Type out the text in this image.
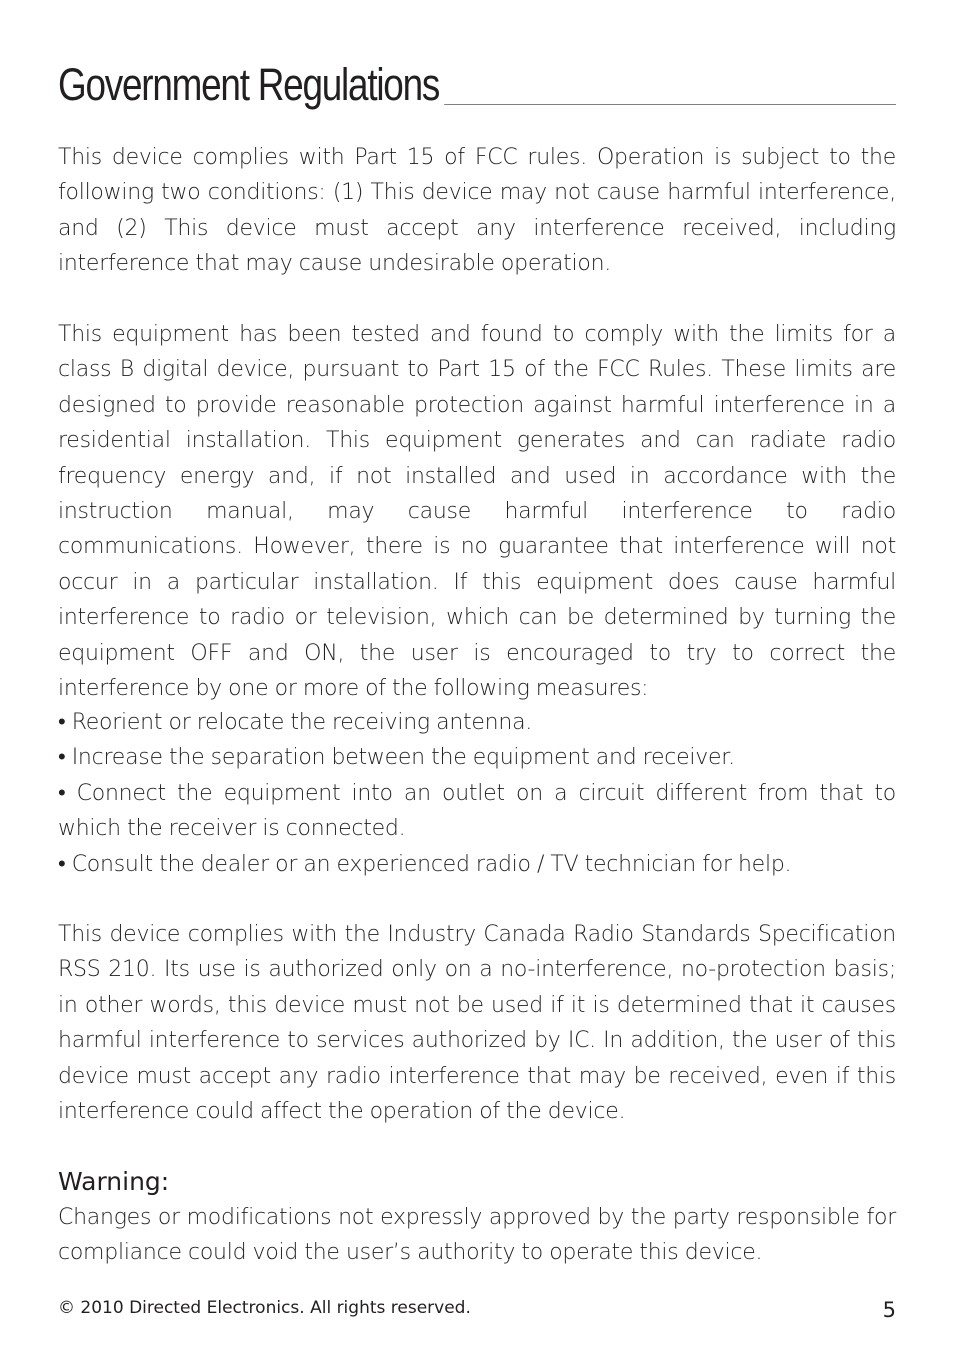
Government Regulations

This device complies with Part 15 of FCC rules. Operation is subject to the following two conditions: (1) This device may not cause harmful interference, and (2) This device must accept any interference received, including interference that may cause undesirable operation.

This equipment has been tested and found to comply with the limits for a class B digital device, pursuant to Part 15 of the FCC Rules. These limits are designed to provide reasonable protection against harmful interference in a residential installation. This equipment generates and can radiate radio frequency energy and, if not installed and used in accordance with the instruction manual, may cause harmful interference to radio communications. However, there is no guarantee that interference will not occur in a particular installation. If this equipment does cause harmful interference to radio or television, which can be determined by turning the equipment OFF and ON, the user is encouraged to try to correct the interference by one or more of the following measures:

• Reorient or relocate the receiving antenna.
• Increase the separation between the equipment and receiver.
• Connect the equipment into an outlet on a circuit different from that to which the receiver is connected.
• Consult the dealer or an experienced radio / TV technician for help.

This device complies with the Industry Canada Radio Standards Specification RSS 210. Its use is authorized only on a no-interference, no-protection basis; in other words, this device must not be used if it is determined that it causes harmful interference to services authorized by IC. In addition, the user of this device must accept any radio interference that may be received, even if this interference could affect the operation of the device.

Warning:

Changes or modifications not expressly approved by the party responsible for compliance could void the user’s authority to operate this device.

© 2010 Directed Electronics. All rights reserved.	5
